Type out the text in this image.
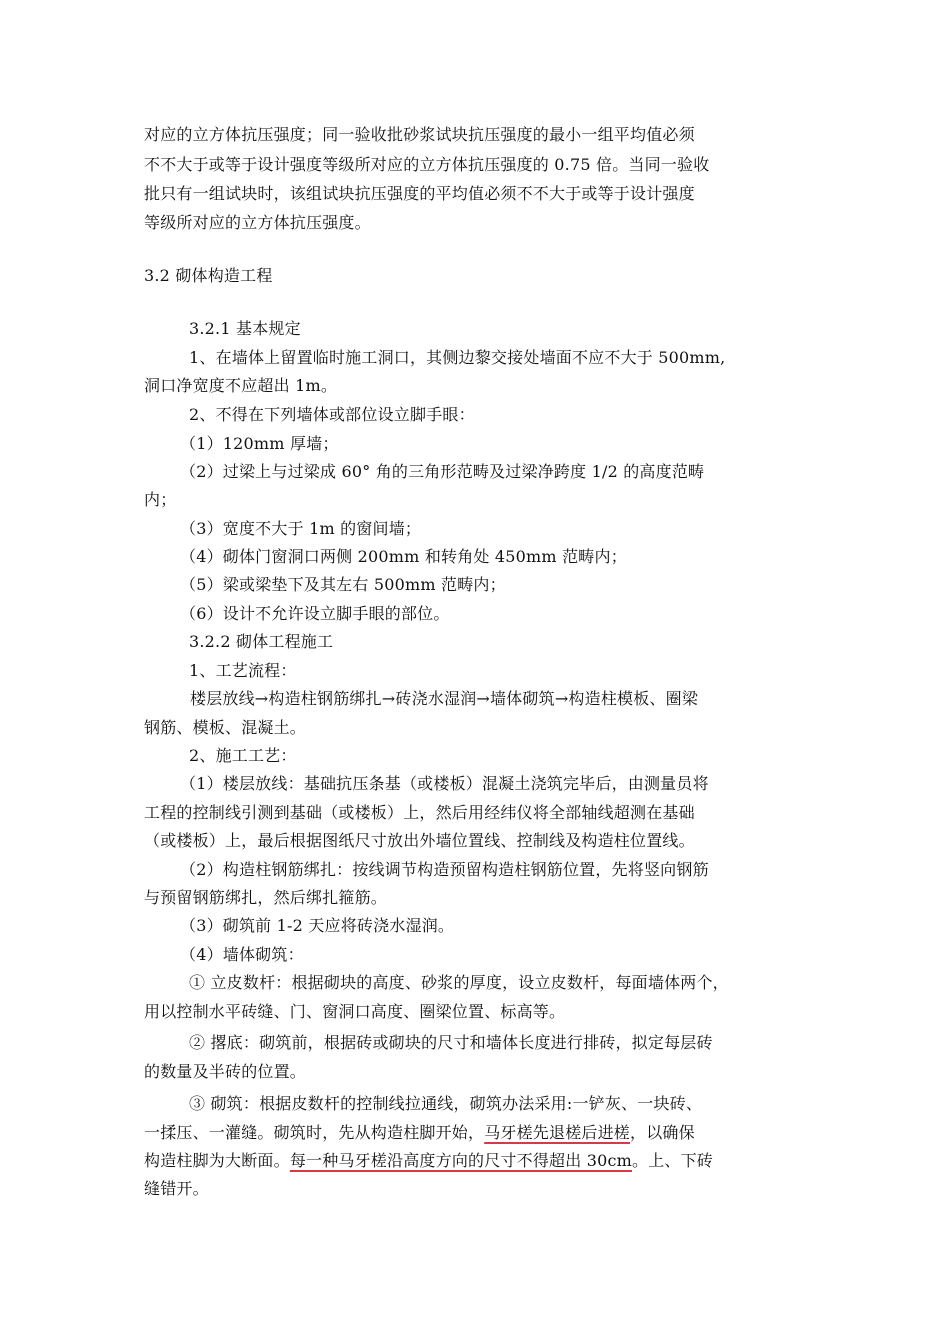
对应的立方体抗压强度；同一验收批砂浆试块抗压强度的最小一组平均值必须
不不大于或等于设计强度等级所对应的立方体抗压强度的 0.75 倍。当同一验收
批只有一组试块时，该组试块抗压强度的平均值必须不不大于或等于设计强度
等级所对应的立方体抗压强度。
3.2 砌体构造工程
3.2.1 基本规定
1、在墙体上留置临时施工洞口，其侧边黎交接处墙面不应不大于 500mm,
洞口净宽度不应超出 1m。
2、不得在下列墙体或部位设立脚手眼：
（1）120mm 厚墙；
（2）过梁上与过梁成 60° 角的三角形范畴及过梁净跨度 1/2 的高度范畴
内；
（3）宽度不大于 1m 的窗间墙；
（4）砌体门窗洞口两侧 200mm 和转角处 450mm 范畴内；
（5）梁或梁垫下及其左右 500mm 范畴内；
（6）设计不允许设立脚手眼的部位。
3.2.2 砌体工程施工
1、工艺流程：
楼层放线→构造柱钢筋绑扎→砖浇水湿润→墙体砌筑→构造柱模板、圈梁
钢筋、模板、混凝土。
2、施工工艺：
（1）楼层放线：基础抗压条基（或楼板）混凝土浇筑完毕后，由测量员将
工程的控制线引测到基础（或楼板）上，然后用经纬仪将全部轴线超测在基础
（或楼板）上，最后根据图纸尺寸放出外墙位置线、控制线及构造柱位置线。
（2）构造柱钢筋绑扎：按线调节构造预留构造柱钢筋位置，先将竖向钢筋
与预留钢筋绑扎，然后绑扎箍筋。
（3）砌筑前 1-2 天应将砖浇水湿润。
（4）墙体砌筑：
① 立皮数杆：根据砌块的高度、砂浆的厚度，设立皮数杆，每面墙体两个，
用以控制水平砖缝、门、窗洞口高度、圈梁位置、标高等。
② 撂底：砌筑前，根据砖或砌块的尺寸和墙体长度进行排砖，拟定每层砖
的数量及半砖的位置。
③ 砌筑：根据皮数杆的控制线拉通线，砌筑办法采用:一铲灰、一块砖、
一揉压、一灌缝。砌筑时，先从构造柱脚开始，马牙槎先退槎后进槎，以确保
构造柱脚为大断面。每一种马牙槎沿高度方向的尺寸不得超出 30cm。上、下砖
缝错开。
